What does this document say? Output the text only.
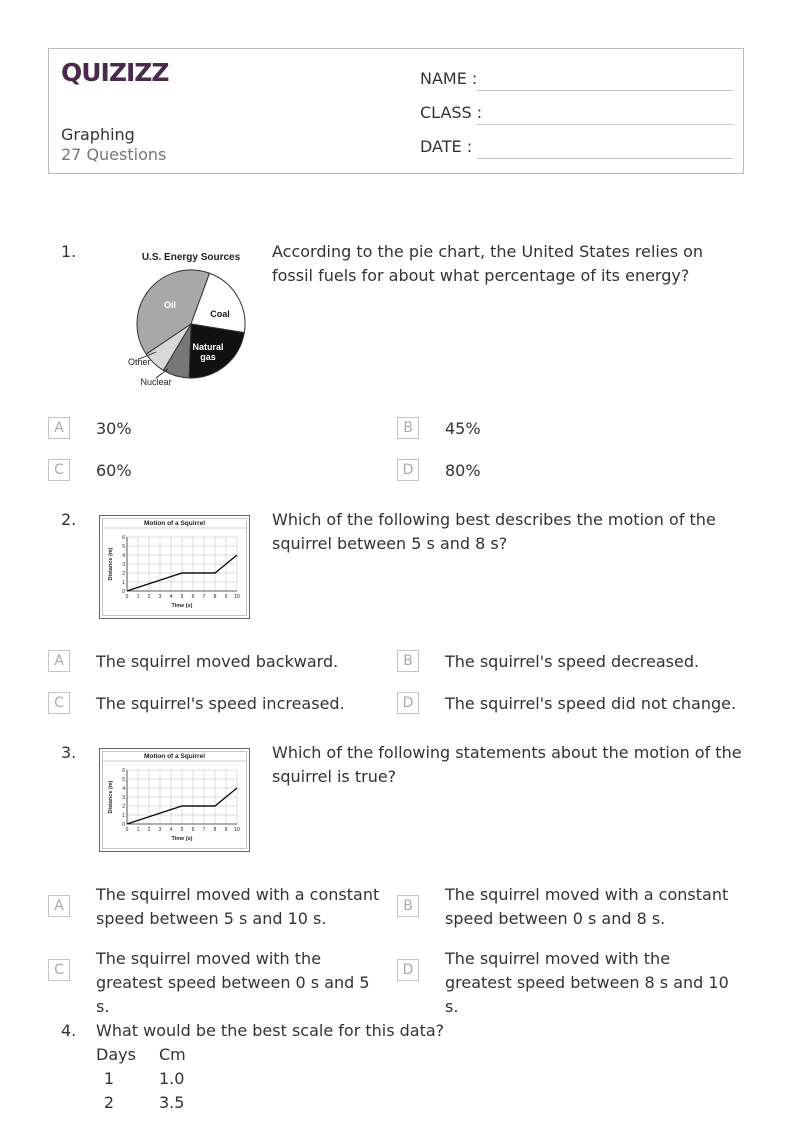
QUIZIZZ
Graphing
27 Questions
NAME :
CLASS :
DATE :
1.	U.S. Energy Sources
Oil
Coal
Natural
gas
Nuclear
Other
According to the pie chart, the United States relies on fossil fuels for about what percentage of its energy?
A	30%	B	45%
C	60%	D	80%
2.	Motion of a Squirrel
0 1 2 3 4 5 6 7 8 9 10
0
1
2
3
4
5
6
Time (s)
Distance (m)
Which of the following best describes the motion of the squirrel between 5 s and 8 s?
A	The squirrel moved backward.	B	The squirrel's speed decreased.
C	The squirrel's speed increased.	D	The squirrel's speed did not change.
3.	Motion of a Squirrel
0 1 2 3 4 5 6 7 8 9 10
0
1
2
3
4
5
6
Time (s)
Distance (m)
Which of the following statements about the motion of the squirrel is true?
A
The squirrel moved with a constant speed between 5 s and 10 s.
B
The squirrel moved with a constant speed between 0 s and 8 s.
C
The squirrel moved with the greatest speed between 0 s and 5 s.
D
The squirrel moved with the greatest speed between 8 s and 10 s.
4. What would be the best scale for this data?
Days Cm
1	1.0
2	3.5
